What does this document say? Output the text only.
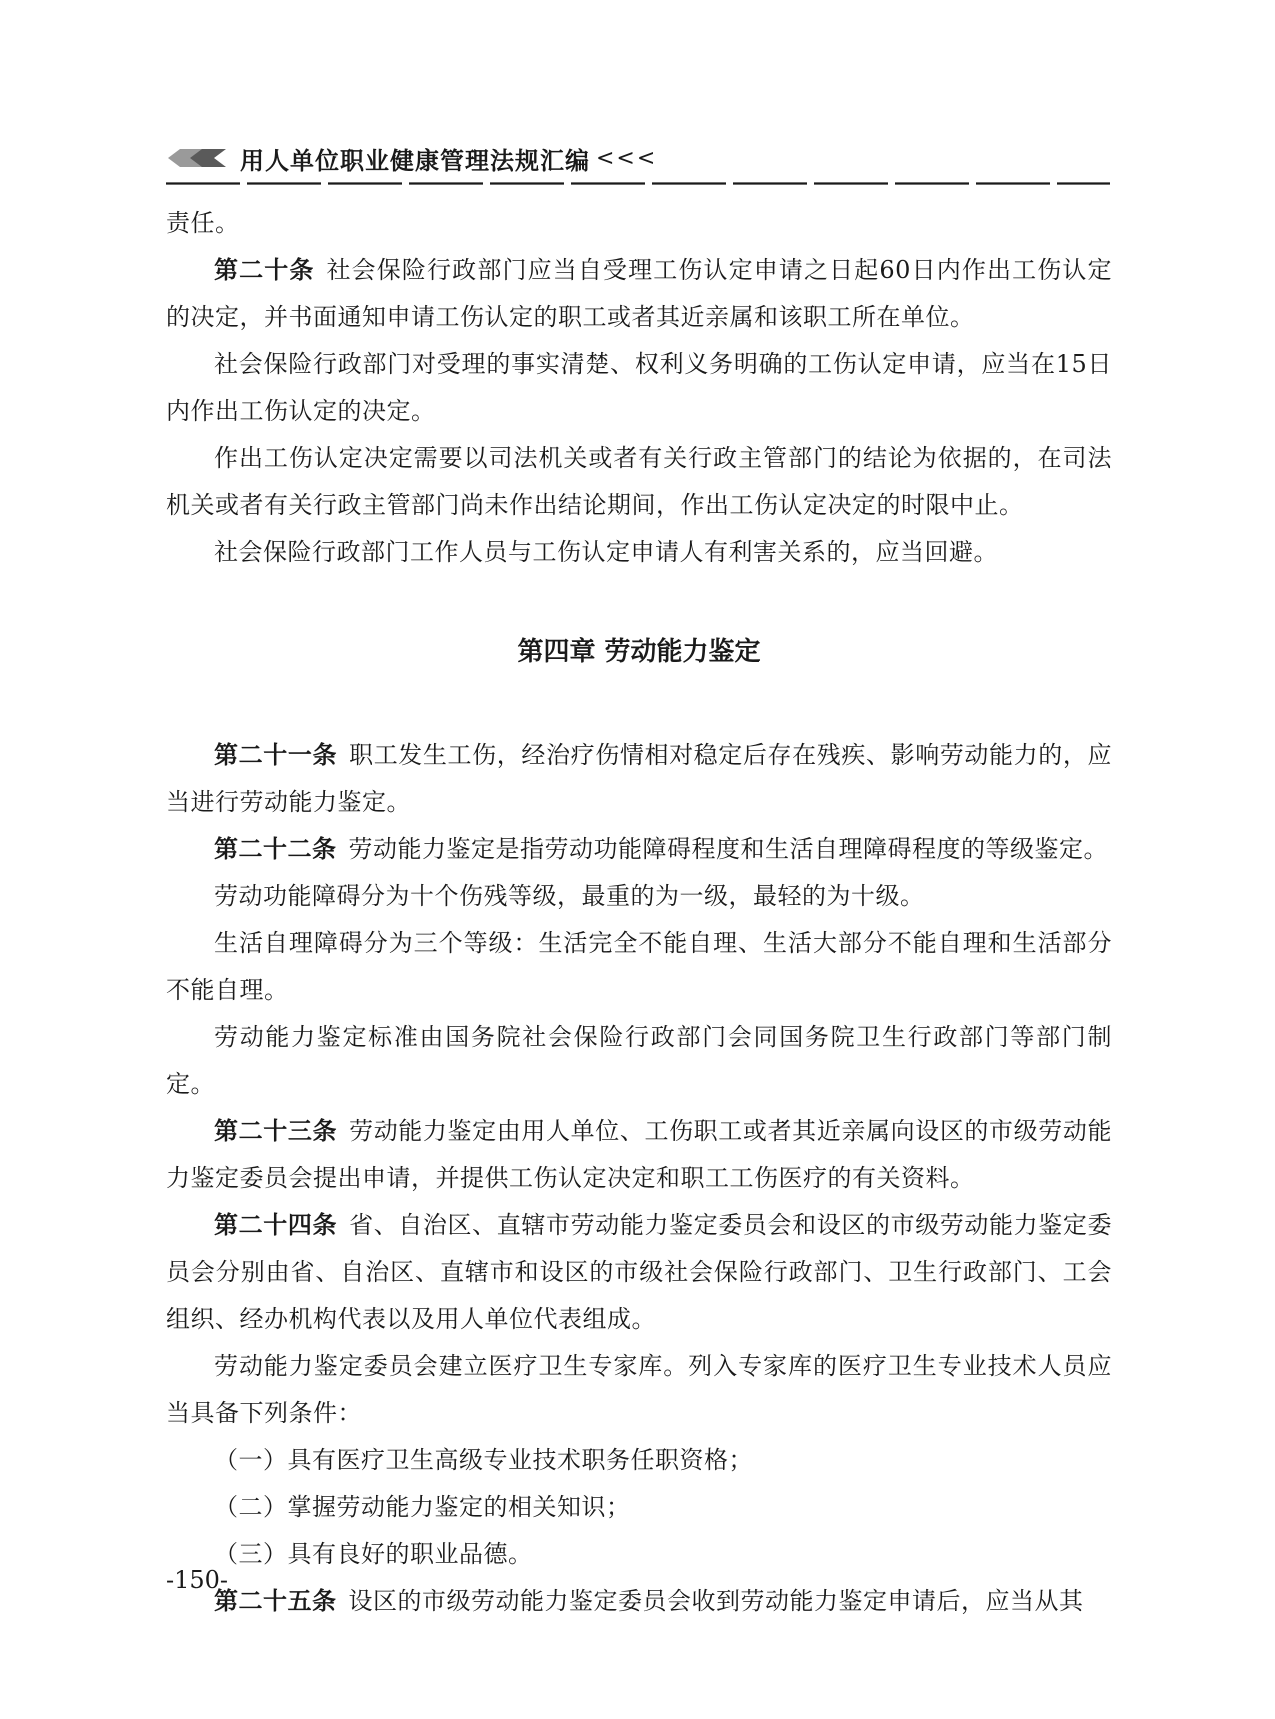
用人单位职业健康管理法规汇编 <<<

责任。

第二十条 社会保险行政部门应当自受理工伤认定申请之日起60日内作出工伤认定的决定，并书面通知申请工伤认定的职工或者其近亲属和该职工所在单位。

社会保险行政部门对受理的事实清楚、权利义务明确的工伤认定申请，应当在15日内作出工伤认定的决定。

作出工伤认定决定需要以司法机关或者有关行政主管部门的结论为依据的，在司法机关或者有关行政主管部门尚未作出结论期间，作出工伤认定决定的时限中止。

社会保险行政部门工作人员与工伤认定申请人有利害关系的，应当回避。

第四章 劳动能力鉴定

第二十一条 职工发生工伤，经治疗伤情相对稳定后存在残疾、影响劳动能力的，应当进行劳动能力鉴定。

第二十二条 劳动能力鉴定是指劳动功能障碍程度和生活自理障碍程度的等级鉴定。

劳动功能障碍分为十个伤残等级，最重的为一级，最轻的为十级。

生活自理障碍分为三个等级：生活完全不能自理、生活大部分不能自理和生活部分不能自理。

劳动能力鉴定标准由国务院社会保险行政部门会同国务院卫生行政部门等部门制定。

第二十三条 劳动能力鉴定由用人单位、工伤职工或者其近亲属向设区的市级劳动能力鉴定委员会提出申请，并提供工伤认定决定和职工工伤医疗的有关资料。

第二十四条 省、自治区、直辖市劳动能力鉴定委员会和设区的市级劳动能力鉴定委员会分别由省、自治区、直辖市和设区的市级社会保险行政部门、卫生行政部门、工会组织、经办机构代表以及用人单位代表组成。

劳动能力鉴定委员会建立医疗卫生专家库。列入专家库的医疗卫生专业技术人员应当具备下列条件：

（一）具有医疗卫生高级专业技术职务任职资格；

（二）掌握劳动能力鉴定的相关知识；

（三）具有良好的职业品德。

第二十五条 设区的市级劳动能力鉴定委员会收到劳动能力鉴定申请后，应当从其

-150-
